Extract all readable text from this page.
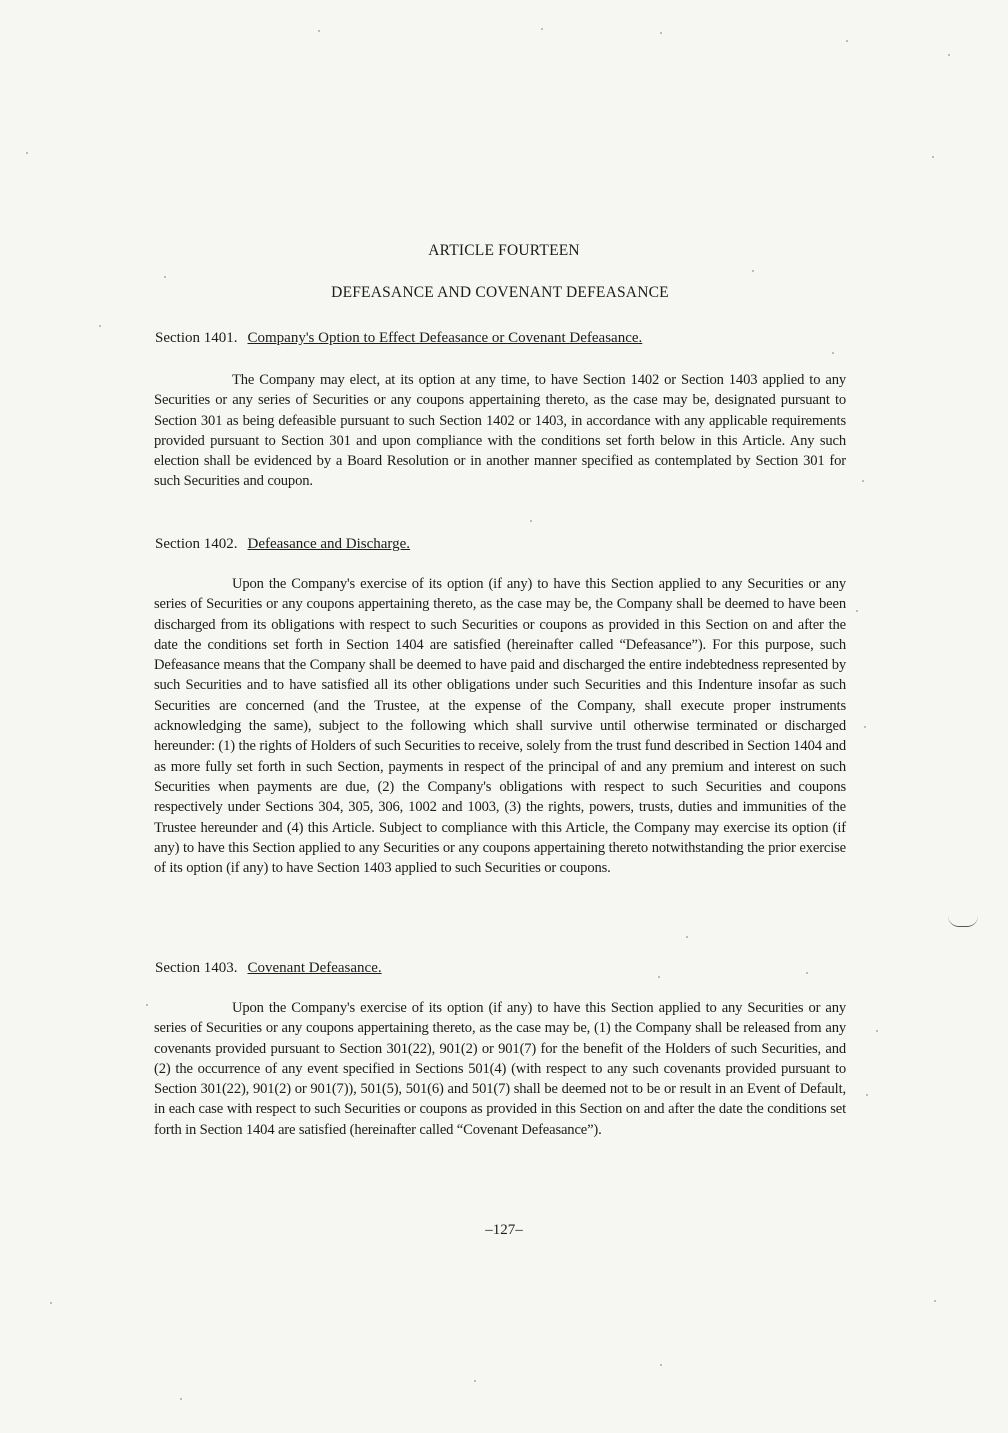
ARTICLE FOURTEEN
DEFEASANCE AND COVENANT DEFEASANCE
Section 1401. Company's Option to Effect Defeasance or Covenant Defeasance.
The Company may elect, at its option at any time, to have Section 1402 or Section 1403 applied to any Securities or any series of Securities or any coupons appertaining thereto, as the case may be, designated pursuant to Section 301 as being defeasible pursuant to such Section 1402 or 1403, in accordance with any applicable requirements provided pursuant to Section 301 and upon compliance with the conditions set forth below in this Article. Any such election shall be evidenced by a Board Resolution or in another manner specified as contemplated by Section 301 for such Securities and coupon.
Section 1402. Defeasance and Discharge.
Upon the Company's exercise of its option (if any) to have this Section applied to any Securities or any series of Securities or any coupons appertaining thereto, as the case may be, the Company shall be deemed to have been discharged from its obligations with respect to such Securities or coupons as provided in this Section on and after the date the conditions set forth in Section 1404 are satisfied (hereinafter called “Defeasance”). For this purpose, such Defeasance means that the Company shall be deemed to have paid and discharged the entire indebtedness represented by such Securities and to have satisfied all its other obligations under such Securities and this Indenture insofar as such Securities are concerned (and the Trustee, at the expense of the Company, shall execute proper instruments acknowledging the same), subject to the following which shall survive until otherwise terminated or discharged hereunder: (1) the rights of Holders of such Securities to receive, solely from the trust fund described in Section 1404 and as more fully set forth in such Section, payments in respect of the principal of and any premium and interest on such Securities when payments are due, (2) the Company's obligations with respect to such Securities and coupons respectively under Sections 304, 305, 306, 1002 and 1003, (3) the rights, powers, trusts, duties and immunities of the Trustee hereunder and (4) this Article. Subject to compliance with this Article, the Company may exercise its option (if any) to have this Section applied to any Securities or any coupons appertaining thereto notwithstanding the prior exercise of its option (if any) to have Section 1403 applied to such Securities or coupons.
Section 1403. Covenant Defeasance.
Upon the Company's exercise of its option (if any) to have this Section applied to any Securities or any series of Securities or any coupons appertaining thereto, as the case may be, (1) the Company shall be released from any covenants provided pursuant to Section 301(22), 901(2) or 901(7) for the benefit of the Holders of such Securities, and (2) the occurrence of any event specified in Sections 501(4) (with respect to any such covenants provided pursuant to Section 301(22), 901(2) or 901(7)), 501(5), 501(6) and 501(7) shall be deemed not to be or result in an Event of Default, in each case with respect to such Securities or coupons as provided in this Section on and after the date the conditions set forth in Section 1404 are satisfied (hereinafter called “Covenant Defeasance”).
–127–
